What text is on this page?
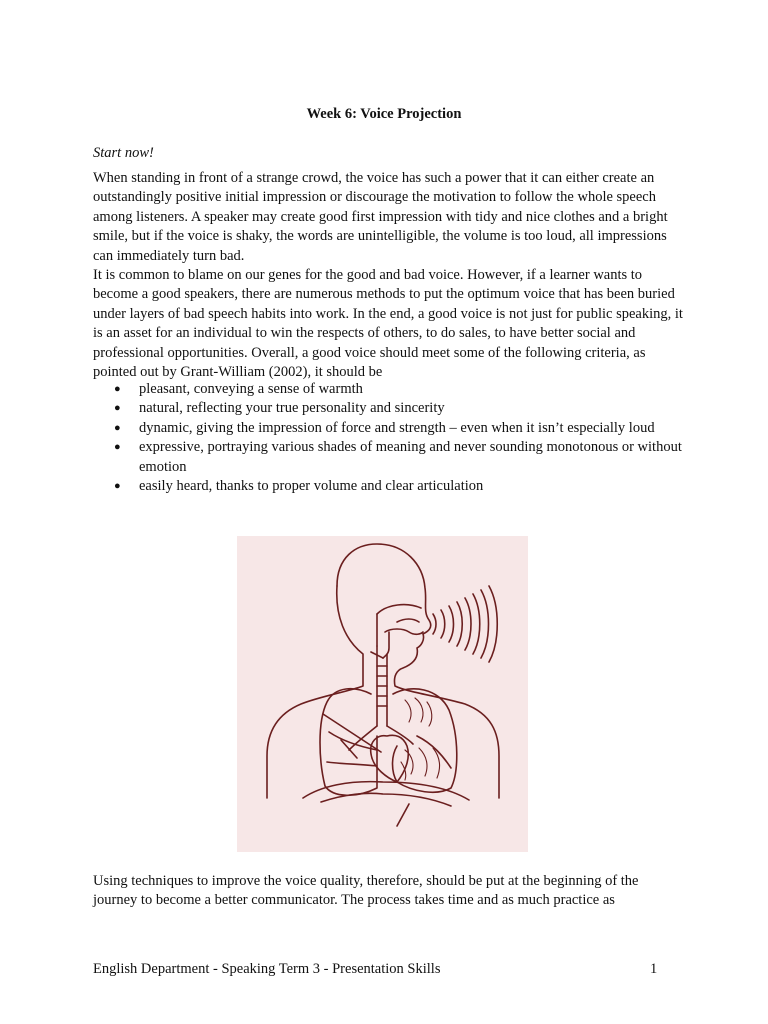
Week 6: Voice Projection
Start now!

When standing in front of a strange crowd, the voice has such a power that it can either create an outstandingly positive initial impression or discourage the motivation to follow the whole speech among listeners. A speaker may create good first impression with tidy and nice clothes and a bright smile, but if the voice is shaky, the words are unintelligible, the volume is too loud, all impressions can immediately turn bad.

It is common to blame on our genes for the good and bad voice. However, if a learner wants to become a good speakers, there are numerous methods to put the optimum voice that has been buried under layers of bad speech habits into work. In the end, a good voice is not just for public speaking, it is an asset for an individual to win the respects of others, to do sales, to have better social and professional opportunities. Overall, a good voice should meet some of the following criteria, as pointed out by Grant-William (2002), it should be

● pleasant, conveying a sense of warmth
● natural, reflecting your true personality and sincerity
● dynamic, giving the impression of force and strength – even when it isn’t especially loud
● expressive, portraying various shades of meaning and never sounding monotonous or without emotion
● easily heard, thanks to proper volume and clear articulation
Using techniques to improve the voice quality, therefore, should be put at the beginning of the journey to become a better communicator. The process takes time and as much practice as
English Department - Speaking Term 3 - Presentation Skills	1
